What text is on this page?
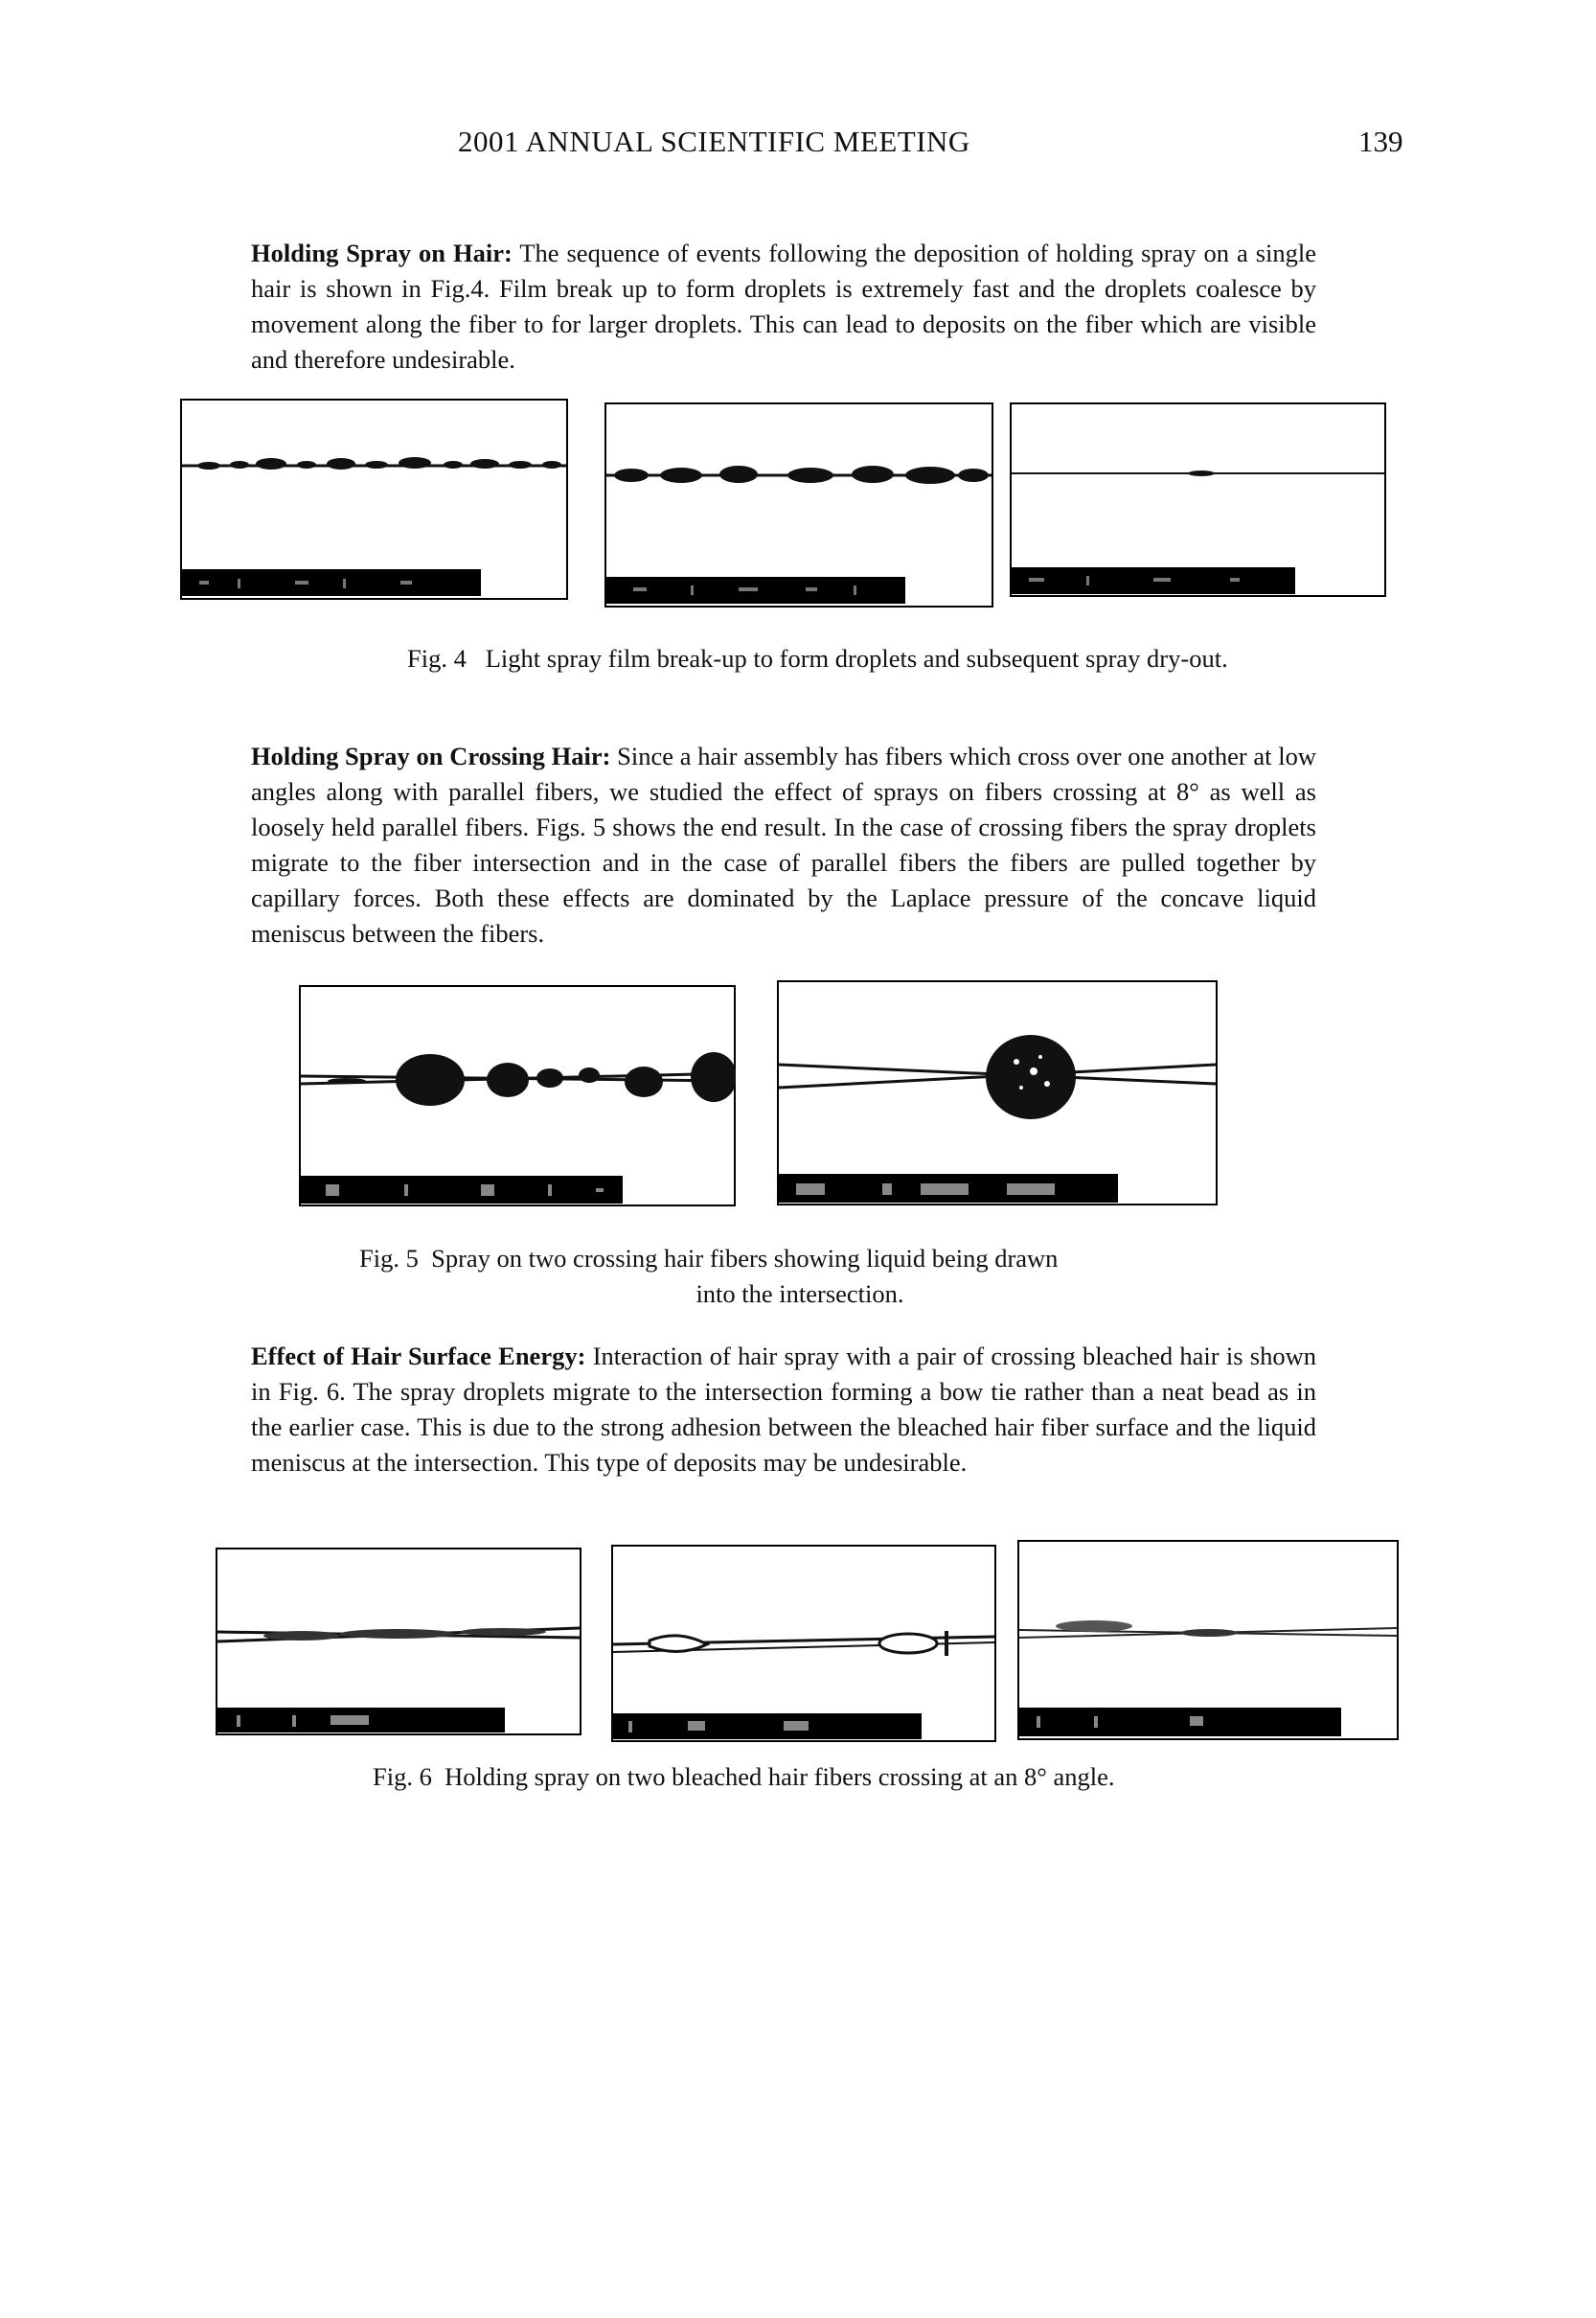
2001 ANNUAL SCIENTIFIC MEETING	139

Holding Spray on Hair: The sequence of events following the deposition of holding spray on a single hair is shown in Fig.4. Film break up to form droplets is extremely fast and the droplets coalesce by movement along the fiber to for larger droplets. This can lead to deposits on the fiber which are visible and therefore undesirable.

Fig. 4 Light spray film break-up to form droplets and subsequent spray dry-out.

Holding Spray on Crossing Hair: Since a hair assembly has fibers which cross over one another at low angles along with parallel fibers, we studied the effect of sprays on fibers crossing at 8° as well as loosely held parallel fibers. Figs. 5 shows the end result. In the case of crossing fibers the spray droplets migrate to the fiber intersection and in the case of parallel fibers the fibers are pulled together by capillary forces. Both these effects are dominated by the Laplace pressure of the concave liquid meniscus between the fibers.

Fig. 5 Spray on two crossing hair fibers showing liquid being drawn
into the intersection.

Effect of Hair Surface Energy: Interaction of hair spray with a pair of crossing bleached hair is shown in Fig. 6. The spray droplets migrate to the intersection forming a bow tie rather than a neat bead as in the earlier case. This is due to the strong adhesion between the bleached hair fiber surface and the liquid meniscus at the intersection. This type of deposits may be undesirable.

Fig. 6 Holding spray on two bleached hair fibers crossing at an 8° angle.
